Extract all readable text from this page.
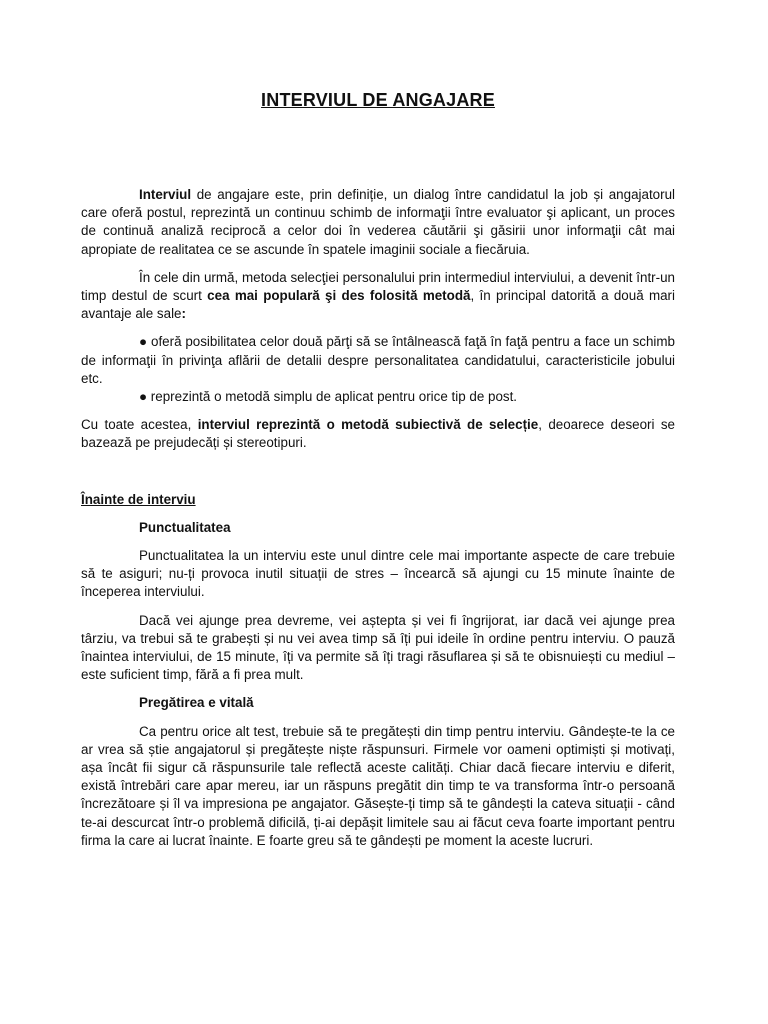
INTERVIUL DE ANGAJARE

Interviul de angajare este, prin definiție, un dialog între candidatul la job și angajatorul care oferă postul, reprezintă un continuu schimb de informaţii între evaluator şi aplicant, un proces de continuă analiză reciprocă a celor doi în vederea căutării şi găsirii unor informaţii cât mai apropiate de realitatea ce se ascunde în spatele imaginii sociale a fiecăruia.

În cele din urmă, metoda selecţiei personalului prin intermediul interviului, a devenit într-un timp destul de scurt cea mai populară şi des folosită metodă, în principal datorită a două mari avantaje ale sale:

● oferă posibilitatea celor două părţi să se întâlnească faţă în faţă pentru a face un schimb de informaţii în privinţa aflării de detalii despre personalitatea candidatului, caracteristicile jobului etc.

● reprezintă o metodă simplu de aplicat pentru orice tip de post.

Cu toate acestea, interviul reprezintă o metodă subiectivă de selecție, deoarece deseori se bazează pe prejudecăți și stereotipuri.

Înainte de interviu
Punctualitatea

Punctualitatea la un interviu este unul dintre cele mai importante aspecte de care trebuie să te asiguri; nu-ți provoca inutil situații de stres – încearcă să ajungi cu 15 minute înainte de începerea interviului.

Dacă vei ajunge prea devreme, vei aștepta și vei fi îngrijorat, iar dacă vei ajunge prea târziu, va trebui să te grabești și nu vei avea timp să îți pui ideile în ordine pentru interviu. O pauză înaintea interviului, de 15 minute, îți va permite să îți tragi răsuflarea și să te obisnuiești cu mediul – este suficient timp, fără a fi prea mult.

Pregătirea e vitală

Ca pentru orice alt test, trebuie să te pregătești din timp pentru interviu. Gândește-te la ce ar vrea să știe angajatorul și pregătește niște răspunsuri. Firmele vor oameni optimiști și motivați, așa încât fii sigur că răspunsurile tale reflectă aceste calități. Chiar dacă fiecare interviu e diferit, există întrebări care apar mereu, iar un răspuns pregătit din timp te va transforma într-o persoană încrezătoare și îl va impresiona pe angajator. Găsește-ți timp să te gândești la cateva situații - când te-ai descurcat într-o problemă dificilă, ți-ai depășit limitele sau ai făcut ceva foarte important pentru firma la care ai lucrat înainte. E foarte greu să te gândești pe moment la aceste lucruri.
